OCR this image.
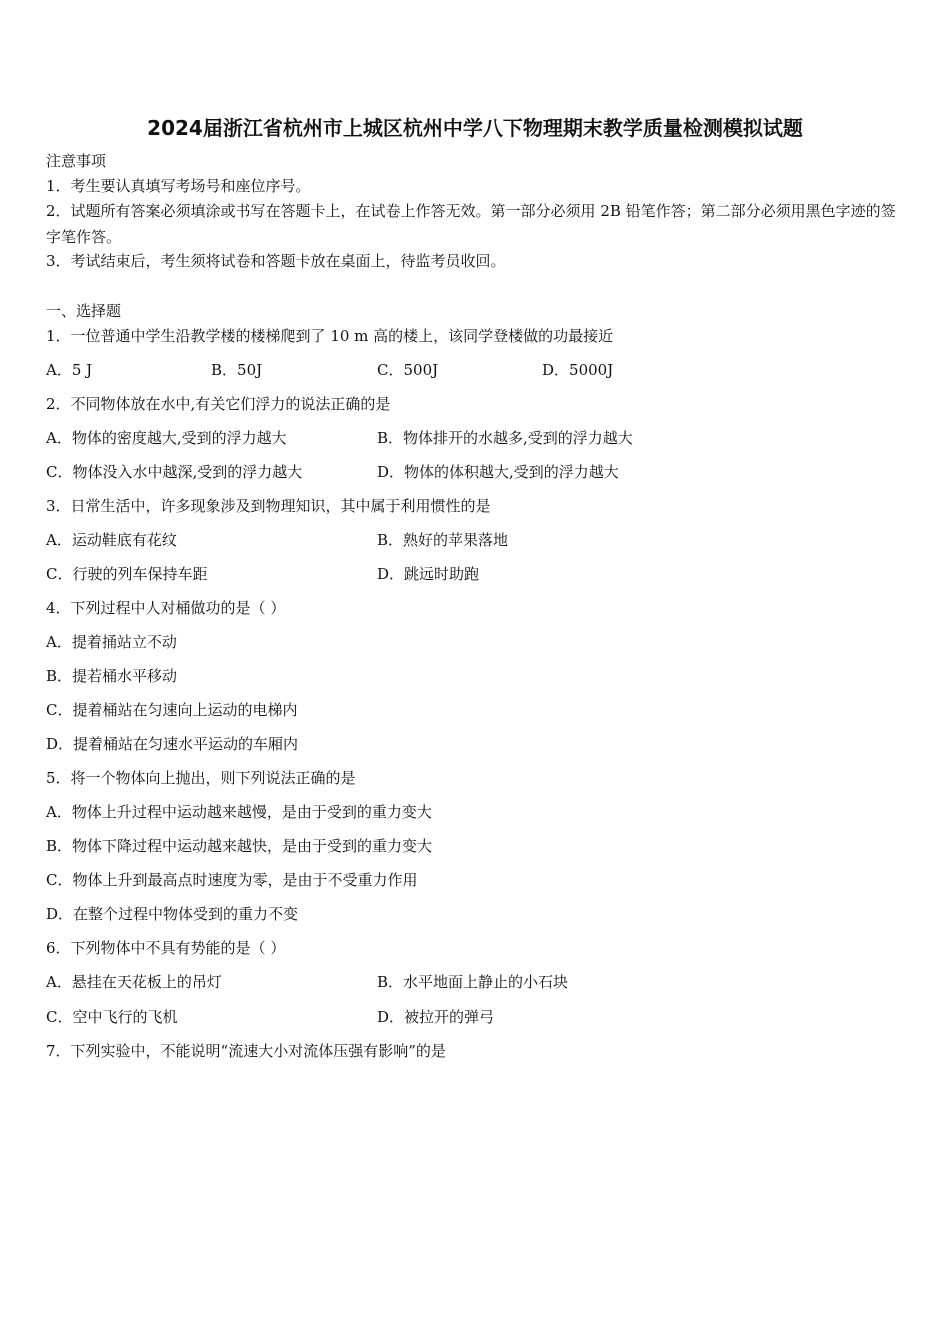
2024届浙江省杭州市上城区杭州中学八下物理期末教学质量检测模拟试题
注意事项
1．考生要认真填写考场号和座位序号。
2．试题所有答案必须填涂或书写在答题卡上，在试卷上作答无效。第一部分必须用 2B 铅笔作答；第二部分必须用黑色字迹的签字笔作答。
3．考试结束后，考生须将试卷和答题卡放在桌面上，待监考员收回。
一、选择题
1．一位普通中学生沿教学楼的楼梯爬到了 10 m 高的楼上，该同学登楼做的功最接近
A．5 J	B．50J	C．500J	D．5000J
2．不同物体放在水中,有关它们浮力的说法正确的是
A．物体的密度越大,受到的浮力越大	B．物体排开的水越多,受到的浮力越大
C．物体没入水中越深,受到的浮力越大	D．物体的体积越大,受到的浮力越大
3．日常生活中，许多现象涉及到物理知识，其中属于利用惯性的是
A．运动鞋底有花纹	B．熟好的苹果落地
C．行驶的列车保持车距	D．跳远时助跑
4．下列过程中人对桶做功的是（ ）
A．提着捅站立不动
B．提若桶水平移动
C．提着桶站在匀速向上运动的电梯内
D．提着桶站在匀速水平运动的车厢内
5．将一个物体向上抛出，则下列说法正确的是
A．物体上升过程中运动越来越慢，是由于受到的重力变大
B．物体下降过程中运动越来越快，是由于受到的重力变大
C．物体上升到最高点时速度为零，是由于不受重力作用
D．在整个过程中物体受到的重力不变
6．下列物体中不具有势能的是（ ）
A．悬挂在天花板上的吊灯	B．水平地面上静止的小石块
C．空中飞行的飞机	D．被拉开的弹弓
7．下列实验中，不能说明“流速大小对流体压强有影响”的是
